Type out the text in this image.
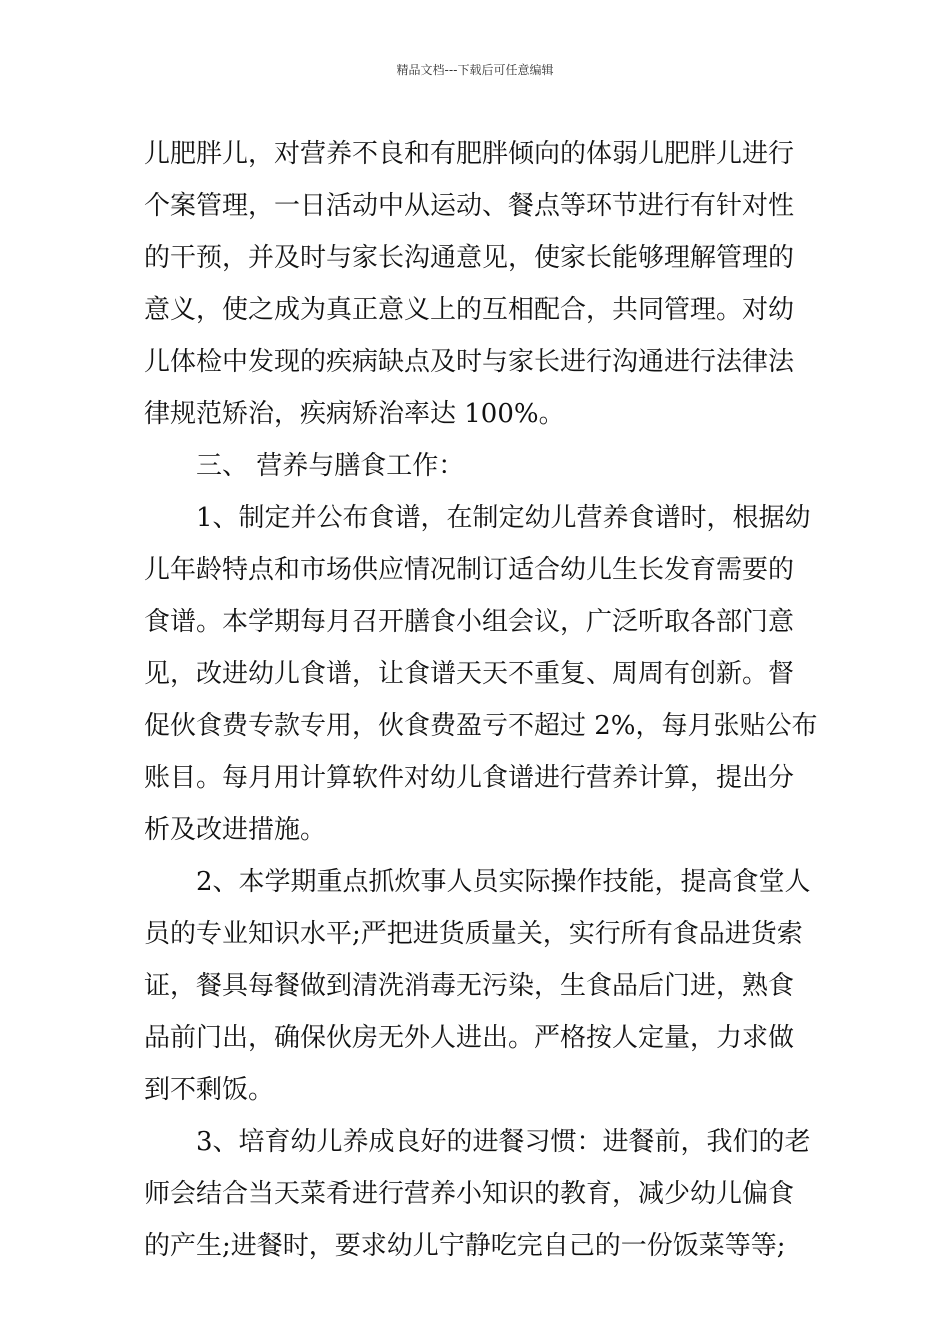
精品文档---下载后可任意编辑
儿肥胖儿，对营养不良和有肥胖倾向的体弱儿肥胖儿进行
个案管理，一日活动中从运动、餐点等环节进行有针对性
的干预，并及时与家长沟通意见，使家长能够理解管理的
意义，使之成为真正意义上的互相配合，共同管理。对幼
儿体检中发现的疾病缺点及时与家长进行沟通进行法律法
律规范矫治，疾病矫治率达 100%。
三、 营养与膳食工作：
1、制定并公布食谱，在制定幼儿营养食谱时，根据幼
儿年龄特点和市场供应情况制订适合幼儿生长发育需要的
食谱。本学期每月召开膳食小组会议，广泛听取各部门意
见，改进幼儿食谱，让食谱天天不重复、周周有创新。督
促伙食费专款专用，伙食费盈亏不超过 2%，每月张贴公布
账目。每月用计算软件对幼儿食谱进行营养计算，提出分
析及改进措施。
2、本学期重点抓炊事人员实际操作技能，提高食堂人
员的专业知识水平;严把进货质量关，实行所有食品进货索
证，餐具每餐做到清洗消毒无污染，生食品后门进，熟食
品前门出，确保伙房无外人进出。严格按人定量，力求做
到不剩饭。
3、培育幼儿养成良好的进餐习惯：进餐前，我们的老
师会结合当天菜肴进行营养小知识的教育，减少幼儿偏食
的产生;进餐时，要求幼儿宁静吃完自己的一份饭菜等等;
